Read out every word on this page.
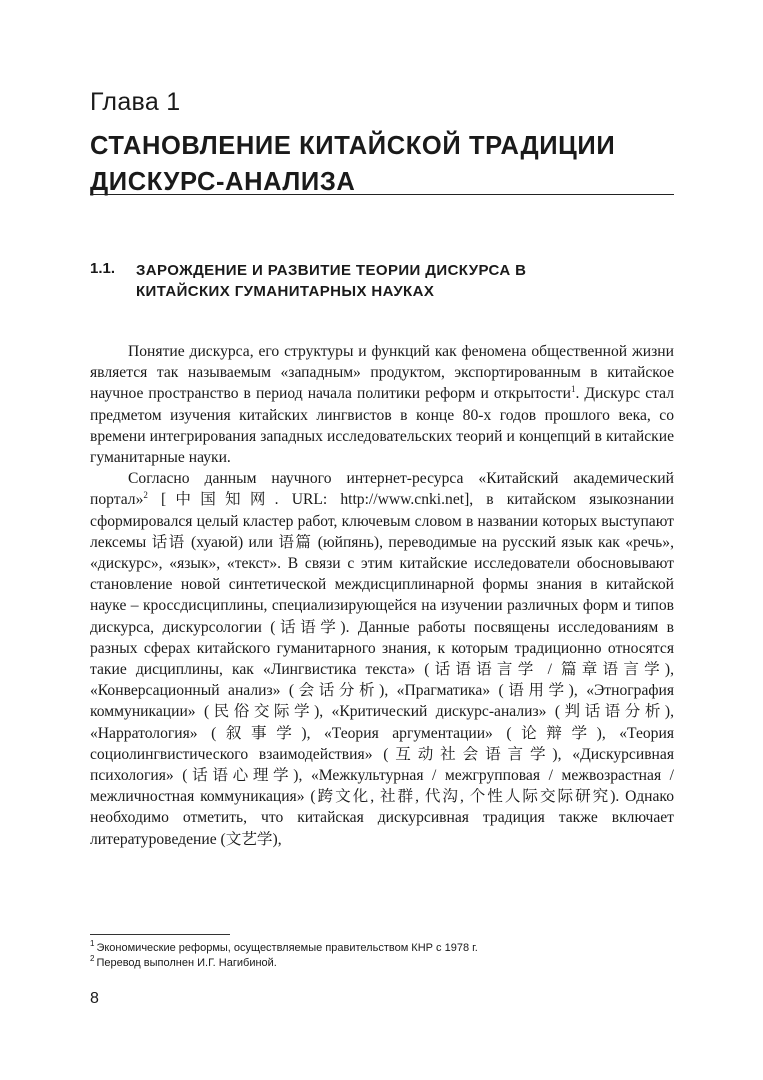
Глава 1
СТАНОВЛЕНИЕ КИТАЙСКОЙ ТРАДИЦИИ ДИСКУРС-АНАЛИЗА
1.1. ЗАРОЖДЕНИЕ И РАЗВИТИЕ ТЕОРИИ ДИСКУРСА В КИТАЙСКИХ ГУМАНИТАРНЫХ НАУКАХ

Понятие дискурса, его структуры и функций как феномена общественной жизни является так называемым «западным» продуктом, экспортированным в китайское научное пространство в период начала политики реформ и открытости$^1$. Дискурс стал предметом изучения китайских лингвистов в конце 80-х годов прошлого века, со времени интегрирования западных исследовательских теорий и концепций в китайские гуманитарные науки.

Согласно данным научного интернет-ресурса «Китайский академический портал»$^2$ [中国知网. URL: http://www.cnki.net], в китайском языкознании сформировался целый кластер работ, ключевым словом в названии которых выступают лексемы 话语 (хуаюй) или 语篇 (юйпянь), переводимые на русский язык как «речь», «дискурс», «язык», «текст». В связи с этим китайские исследователи обосновывают становление новой синтетической междисциплинарной формы знания в китайской науке – кроссдисциплины, специализирующейся на изучении различных форм и типов дискурса, дискурсологии (话语学). Данные работы посвящены исследованиям в разных сферах китайского гуманитарного знания, к которым традиционно относятся такие дисциплины, как «Лингвистика текста» (话语语言学 / 篇章语言学), «Конверсационный анализ» (会话分析), «Прагматика» (语用学), «Этнография коммуникации» (民俗交际学), «Критический дискурс-анализ» (判话语分析), «Нарратология» (叙事学), «Теория аргументации» (论辩学), «Теория социолингвистического взаимодействия» (互动社会语言学), «Дискурсивная психология» (话语心理学), «Межкультурная / межгрупповая / межвозрастная / межличностная коммуникация» (跨文化, 社群, 代沟, 个性人际交际研究). Однако необходимо отметить, что китайская дискурсивная традиция также включает литературоведение (文艺学),

$^1$ Экономические реформы, осуществляемые правительством КНР с 1978 г.
$^2$ Перевод выполнен И.Г. Нагибиной.
8
